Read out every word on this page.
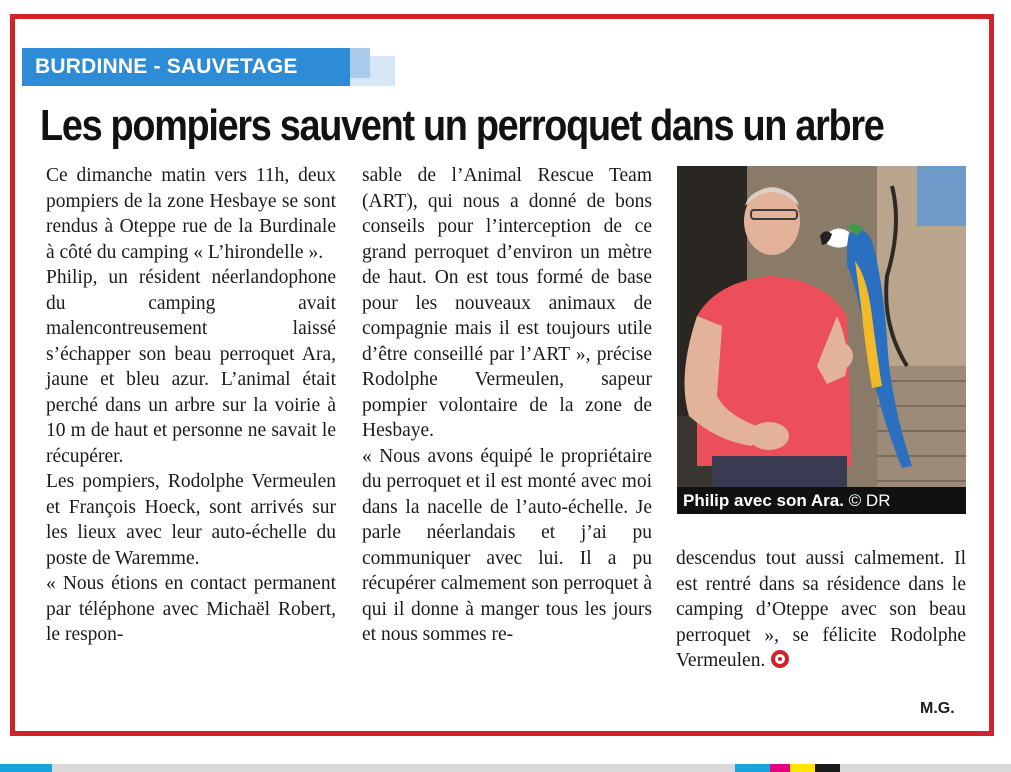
BURDINNE - SAUVETAGE
Les pompiers sauvent un perroquet dans un arbre

Ce dimanche matin vers 11h, deux pompiers de la zone Hesbaye se sont rendus à Oteppe rue de la Burdinale à côté du camping « L’hirondelle ».

Philip, un résident néerlandophone du camping avait malencontreusement laissé s’échapper son beau perroquet Ara, jaune et bleu azur. L’animal était perché dans un arbre sur la voirie à 10 m de haut et personne ne savait le récupérer.

Les pompiers, Rodolphe Vermeulen et François Hoeck, sont arrivés sur les lieux avec leur auto-échelle du poste de Waremme.

« Nous étions en contact permanent par téléphone avec Michaël Robert, le respon-

sable de l’Animal Rescue Team (ART), qui nous a donné de bons conseils pour l’interception de ce grand perroquet d’environ un mètre de haut. On est tous formé de base pour les nouveaux animaux de compagnie mais il est toujours utile d’être conseillé par l’ART », précise Rodolphe Vermeulen, sapeur pompier volontaire de la zone de Hesbaye.

« Nous avons équipé le propriétaire du perroquet et il est monté avec moi dans la nacelle de l’auto-échelle. Je parle néerlandais et j’ai pu communiquer avec lui. Il a pu récupérer calmement son perroquet à qui il donne à manger tous les jours et nous sommes re-

Philip avec son Ara. © DR

descendus tout aussi calmement. Il est rentré dans sa résidence dans le camping d’Oteppe avec son beau perroquet », se félicite Rodolphe Vermeulen.

M.G.
